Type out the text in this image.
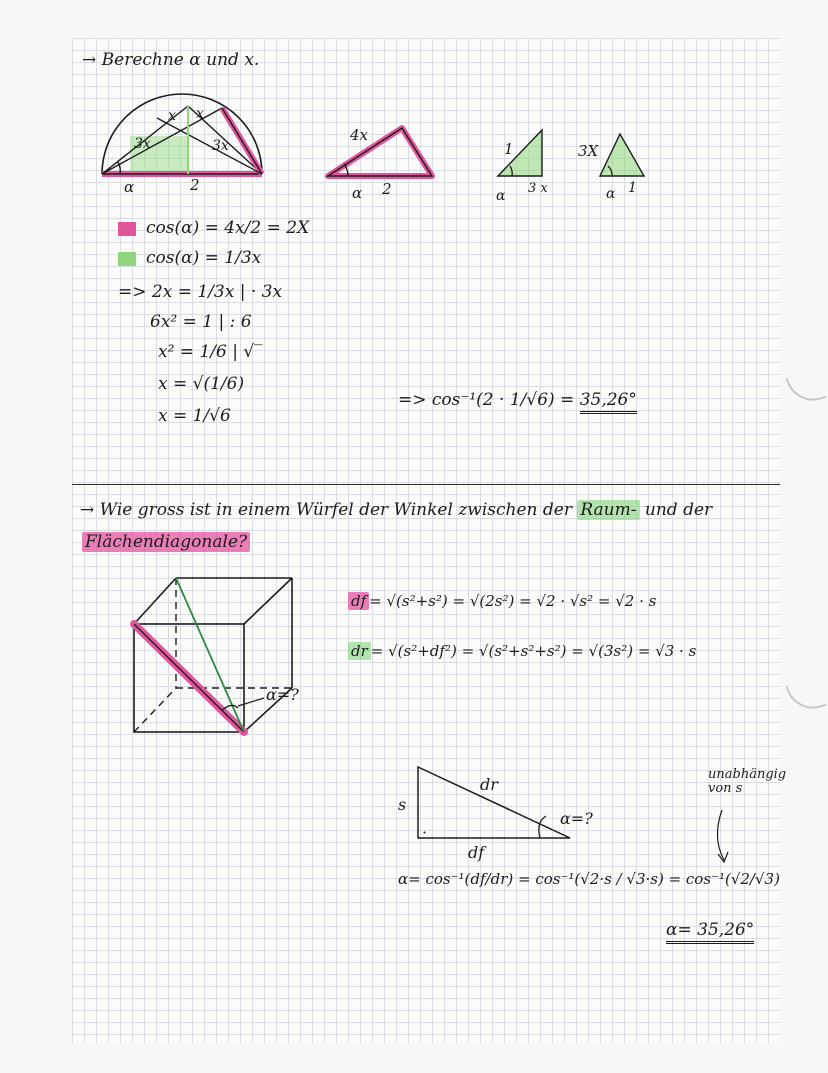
→ Berechne α und x.
3x	3x
x x
2
α
4x
2
α
1
3 x
α
3X
1
α
cos(α) = 4x/2 = 2X
cos(α) = 1/3x
=> 2x = 1/3x | · 3x
6x² = 1 | : 6
x² = 1/6 | √‾
x = √(1/6)
x = 1/√6
=> cos⁻¹(2 · 1/√6) = 35,26°
→ Wie gross ist in einem Würfel der Winkel zwischen der Raum- und der
Flächendiagonale?
α=?
df = √(s²+s²) = √(2s²) = √2 · √s² = √2 · s
dr = √(s²+df²) = √(s²+s²+s²) = √(3s²) = √3 · s
s
dr
df
α=?
α= cos⁻¹(df/dr) = cos⁻¹(√2·s / √3·s) = cos⁻¹(√2/√3)
unabhängig von s
α= 35,26°
